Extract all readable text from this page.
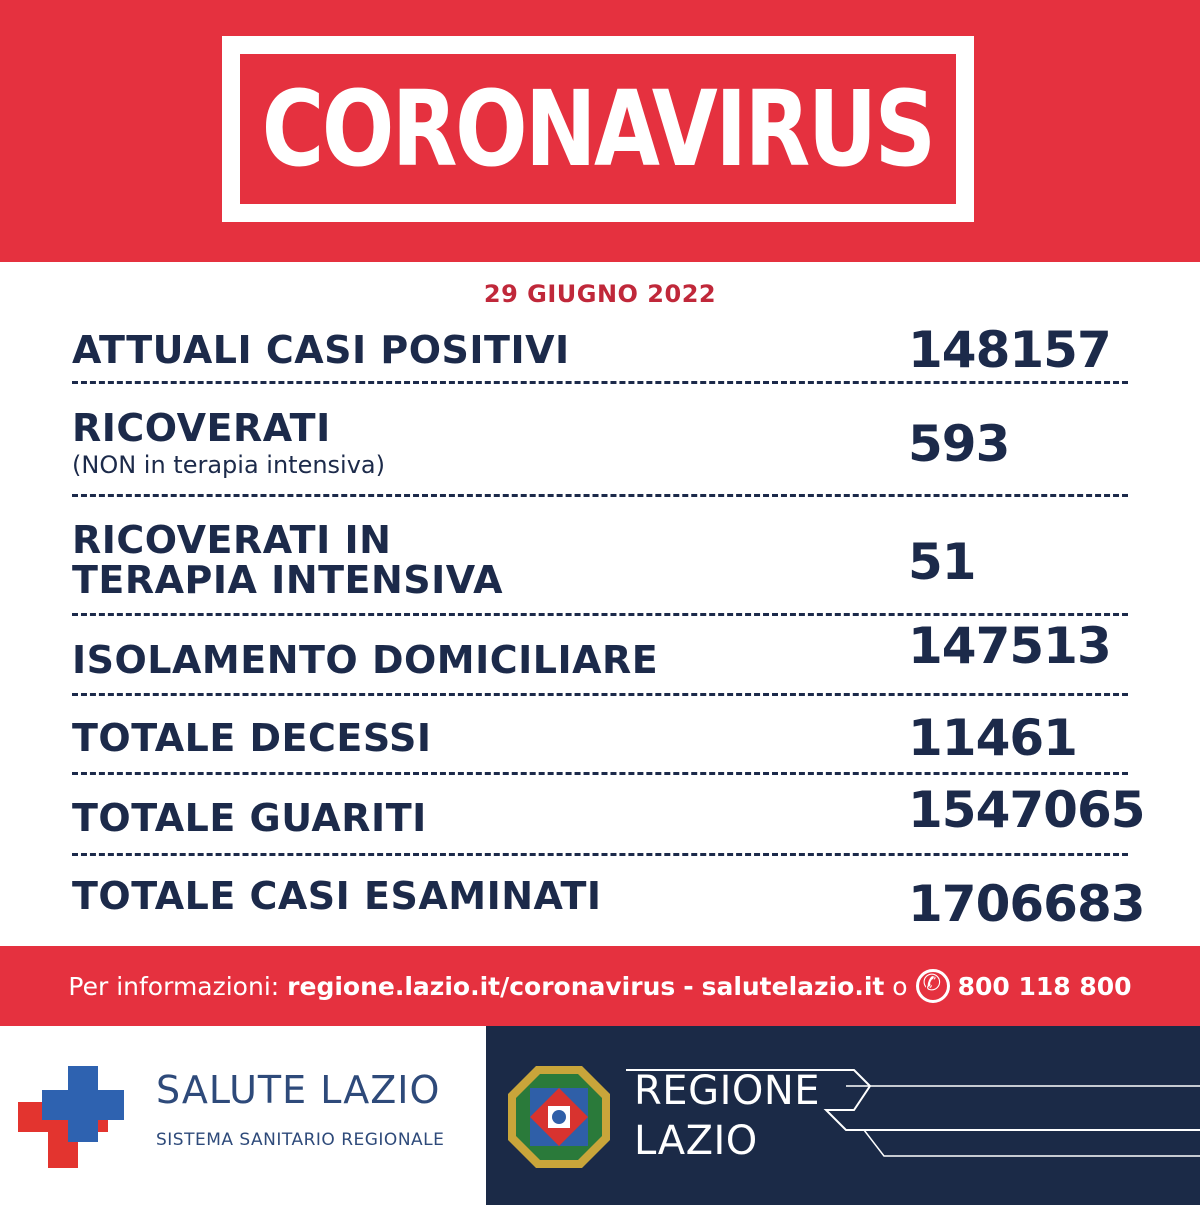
CORONAVIRUS
29 GIUGNO 2022
ATTUALI CASI POSITIVI	148157
RICOVERATI
(NON in terapia intensiva)	593
RICOVERATI IN
TERAPIA INTENSIVA	51
ISOLAMENTO DOMICILIARE	147513
TOTALE DECESSI	11461
TOTALE GUARITI	1547065
TOTALE CASI ESAMINATI	1706683
Per informazioni:
regione.lazio.it/coronavirus
-
salutelazio.it
o ✆ 800 118 800
SALUTE LAZIO
SISTEMA SANITARIO REGIONALE
REGIONE
LAZIO
